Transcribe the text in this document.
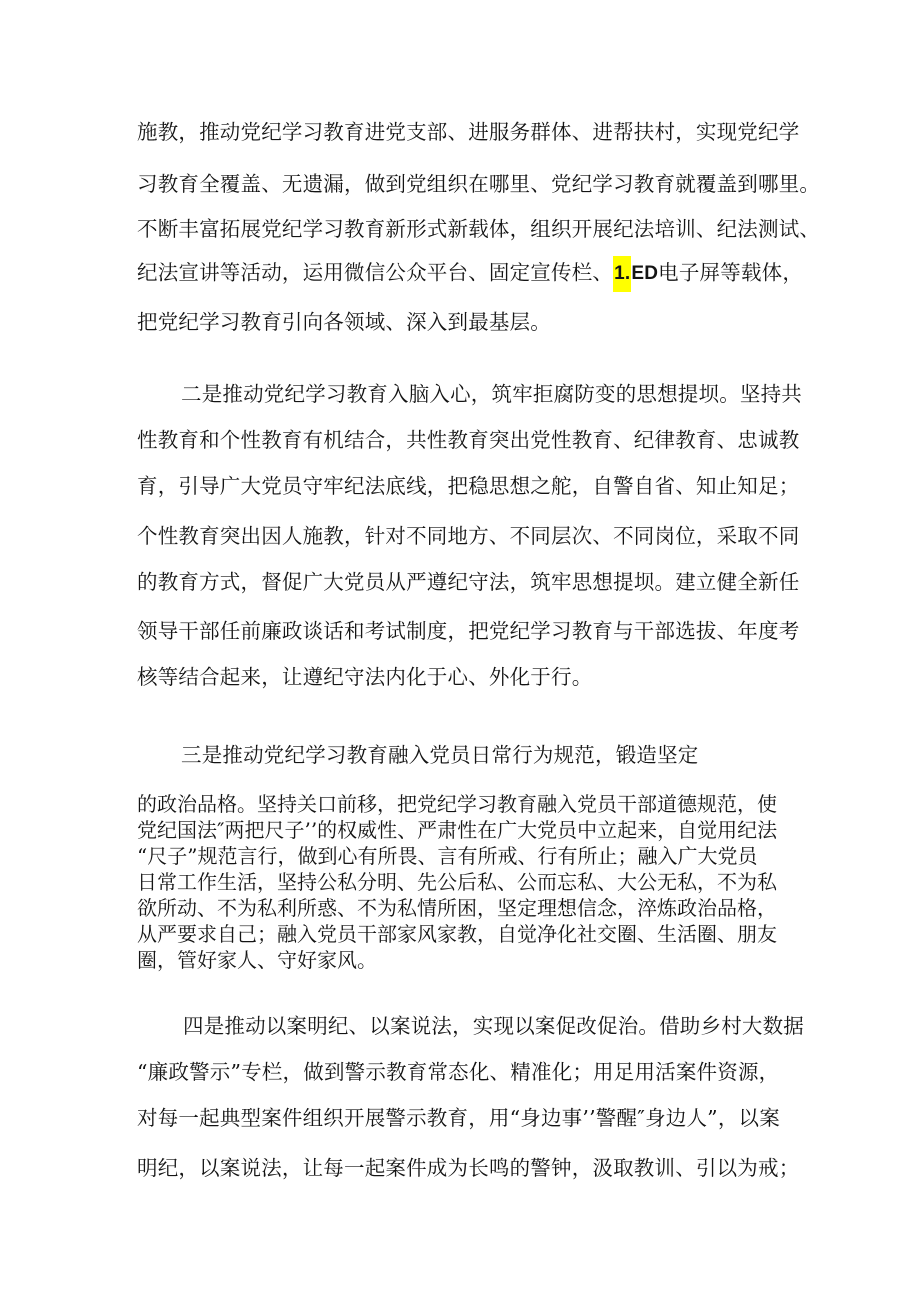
施教，推动党纪学习教育进党支部、进服务群体、进帮扶村，实现党纪学
习教育全覆盖、无遗漏，做到党组织在哪里、党纪学习教育就覆盖到哪里。
不断丰富拓展党纪学习教育新形式新载体，组织开展纪法培训、纪法测试、
纪法宣讲等活动，运用微信公众平台、固定宣传栏、1.ED电子屏等载体，
把党纪学习教育引向各领域、深入到最基层。
二是推动党纪学习教育入脑入心，筑牢拒腐防变的思想提坝。坚持共
性教育和个性教育有机结合，共性教育突出党性教育、纪律教育、忠诚教
育，引导广大党员守牢纪法底线，把稳思想之舵，自警自省、知止知足；
个性教育突出因人施教，针对不同地方、不同层次、不同岗位，采取不同
的教育方式，督促广大党员从严遵纪守法，筑牢思想提坝。建立健全新任
领导干部任前廉政谈话和考试制度，把党纪学习教育与干部选拔、年度考
核等结合起来，让遵纪守法内化于心、外化于行。
三是推动党纪学习教育融入党员日常行为规范，锻造坚定
的政治品格。坚持关口前移，把党纪学习教育融入党员干部道德规范，使
党纪国法″两把尺子’’的权威性、严肃性在广大党员中立起来，自觉用纪法
“尺子”规范言行，做到心有所畏、言有所戒、行有所止；融入广大党员
日常工作生活，坚持公私分明、先公后私、公而忘私、大公无私，不为私
欲所动、不为私利所惑、不为私情所困，坚定理想信念，淬炼政治品格，
从严要求自己；融入党员干部家风家教，自觉净化社交圈、生活圈、朋友
圈，管好家人、守好家风。
四是推动以案明纪、以案说法，实现以案促改促治。借助乡村大数据
“廉政警示”专栏，做到警示教育常态化、精准化；用足用活案件资源，
对每一起典型案件组织开展警示教育，用“身边事’’警醒″身边人”，以案
明纪，以案说法，让每一起案件成为长鸣的警钟，汲取教训、引以为戒；
